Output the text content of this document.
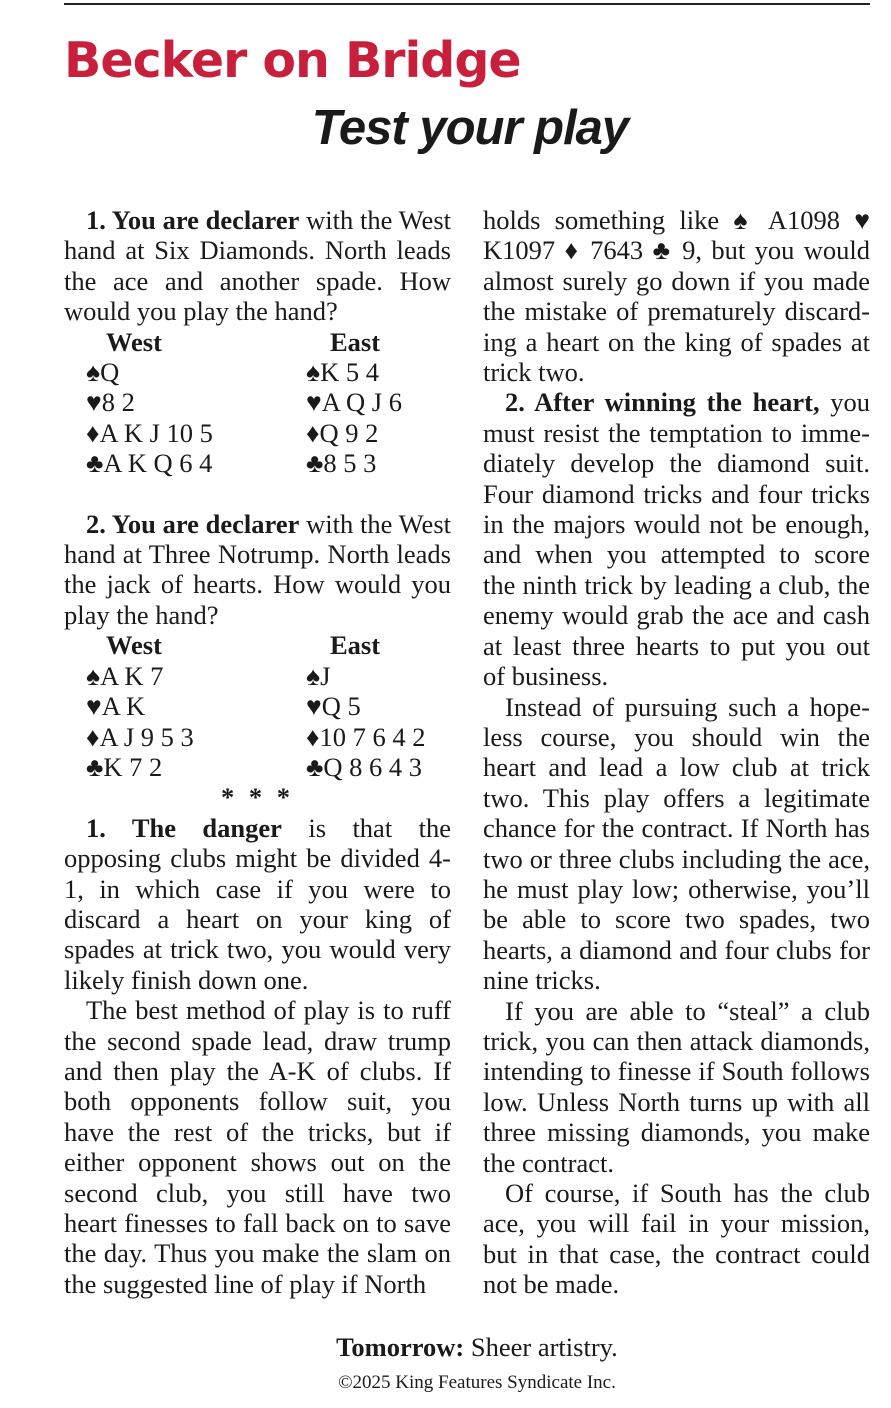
Becker on Bridge
Test your play

1. You are declarer with the West hand at Six Diamonds. North leads the ace and another spade. How would you play the hand?

West	East
♠Q	♠K 5 4
♥8 2	♥A Q J 6
♦A K J 10 5	♦Q 9 2
♣A K Q 6 4	♣8 5 3

2. You are declarer with the West hand at Three Notrump. North leads the jack of hearts. How would you play the hand?

West	East
♠A K 7	♠J
♥A K	♥Q 5
♦A J 9 5 3	♦10 7 6 4 2
♣K 7 2	♣Q 8 6 4 3
* * *

1. The danger is that the opposing clubs might be divided 4-1, in which case if you were to discard a heart on your king of spades at trick two, you would very likely finish down one.

The best method of play is to ruff the second spade lead, draw trump and then play the A-K of clubs. If both opponents follow suit, you have the rest of the tricks, but if either opponent shows out on the second club, you still have two heart finesses to fall back on to save the day. Thus you make the slam on the suggested line of play if North

holds something like ♠ A1098 ♥ K1097 ♦ 7643 ♣ 9, but you would almost surely go down if you made the mistake of prematurely discarding a heart on the king of spades at trick two.

2. After winning the heart, you must resist the temptation to immediately develop the diamond suit. Four diamond tricks and four tricks in the majors would not be enough, and when you attempted to score the ninth trick by leading a club, the enemy would grab the ace and cash at least three hearts to put you out of business.

Instead of pursuing such a hopeless course, you should win the heart and lead a low club at trick two. This play offers a legitimate chance for the contract. If North has two or three clubs including the ace, he must play low; otherwise, you’ll be able to score two spades, two hearts, a diamond and four clubs for nine tricks.

If you are able to “steal” a club trick, you can then attack diamonds, intending to finesse if South follows low. Unless North turns up with all three missing diamonds, you make the contract.

Of course, if South has the club ace, you will fail in your mission, but in that case, the contract could not be made.

Tomorrow: Sheer artistry.
©2025 King Features Syndicate Inc.
